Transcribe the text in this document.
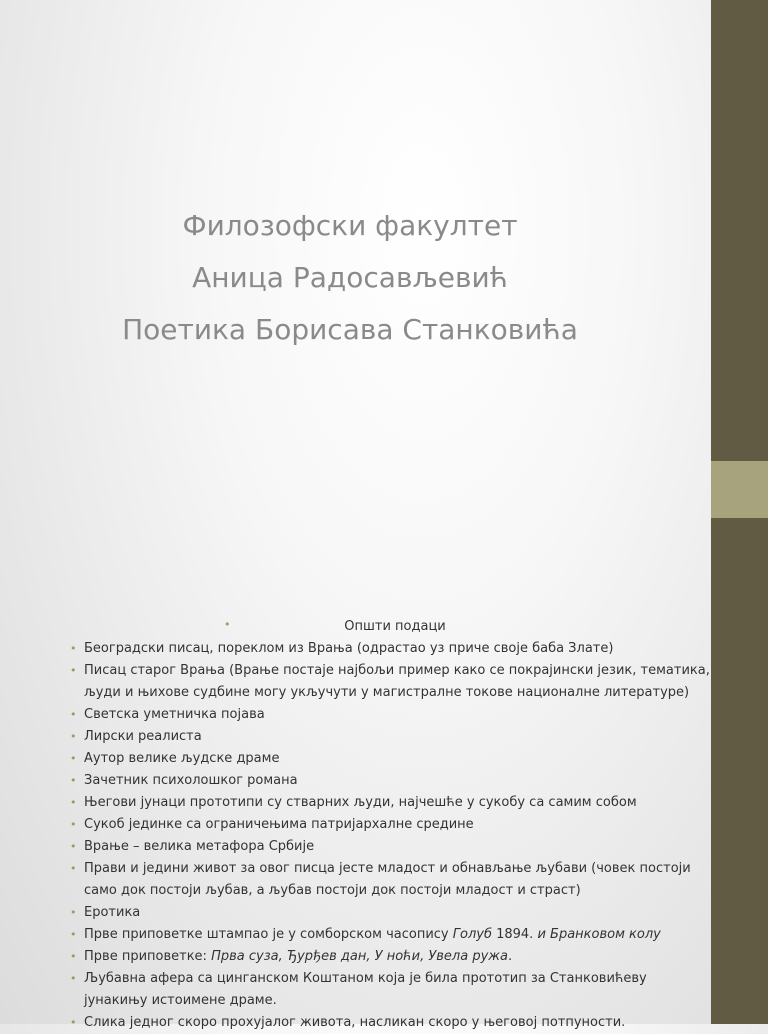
Филозофски факултет
Аница Радосављевић
Поетика Борисава Станковића
•	Општи подаци
• Београдски писац, пореклом из Врања (одрастао уз приче своје баба Злате)
• Писац старог Врања (Врање постаје најбољи пример како се покрајински језик, тематика, људи и њихове судбине могу укључути у магистралне токове националне литературе)
• Светска уметничка појава
• Лирски реалиста
• Аутор велике људске драме
• Зачетник психолошког романа
• Његови јунаци прототипи су стварних људи, најчешће у сукобу са самим собом
• Сукоб јединке са ограничењима патријархалне средине
• Врање – велика метафора Србије
• Прави и једини живот за овог писца јесте младост и обнављање љубави (човек постоји само док постоји љубав, а љубав постоји док постоји младост и страст)
• Еротика
• Прве приповетке штампао је у сомборском часопису Голуб 1894. и Бранковом колу
• Прве приповетке: Прва суза, Ђурђев дан, У ноћи, Увела ружа.
• Љубавна афера са цинганском Коштаном која је била прототип за Станковићеву јунакињу истоимене драме.
• Слика једног скоро прохујалог живота, насликан скоро у његовој потпуности.
